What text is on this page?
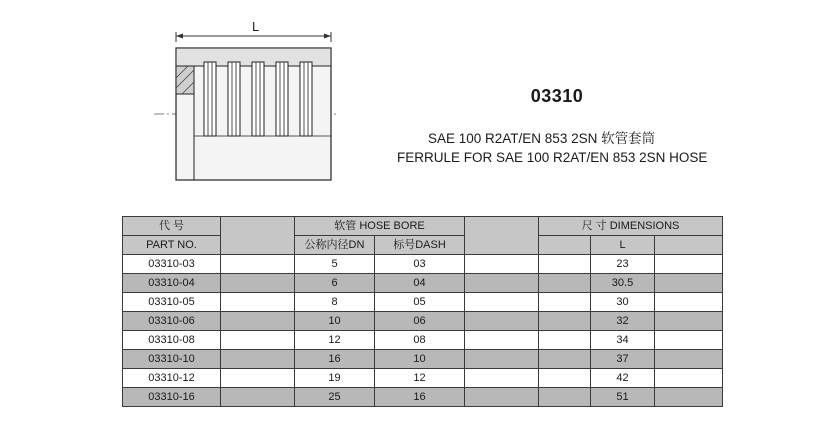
L
03310
SAE 100 R2AT/EN 853 2SN 软管套筒
FERRULE FOR SAE 100 R2AT/EN 853 2SN HOSE
代 号		软管 HOSE BORE			尺 寸 DIMENSIONS		
PART NO.		公称内径DN	标号DASH			L	
03310-03		5	03			23	
03310-04		6	04			30.5	
03310-05		8	05			30	
03310-06		10	06			32	
03310-08		12	08			34	
03310-10		16	10			37	
03310-12		19	12			42	
03310-16		25	16			51	
